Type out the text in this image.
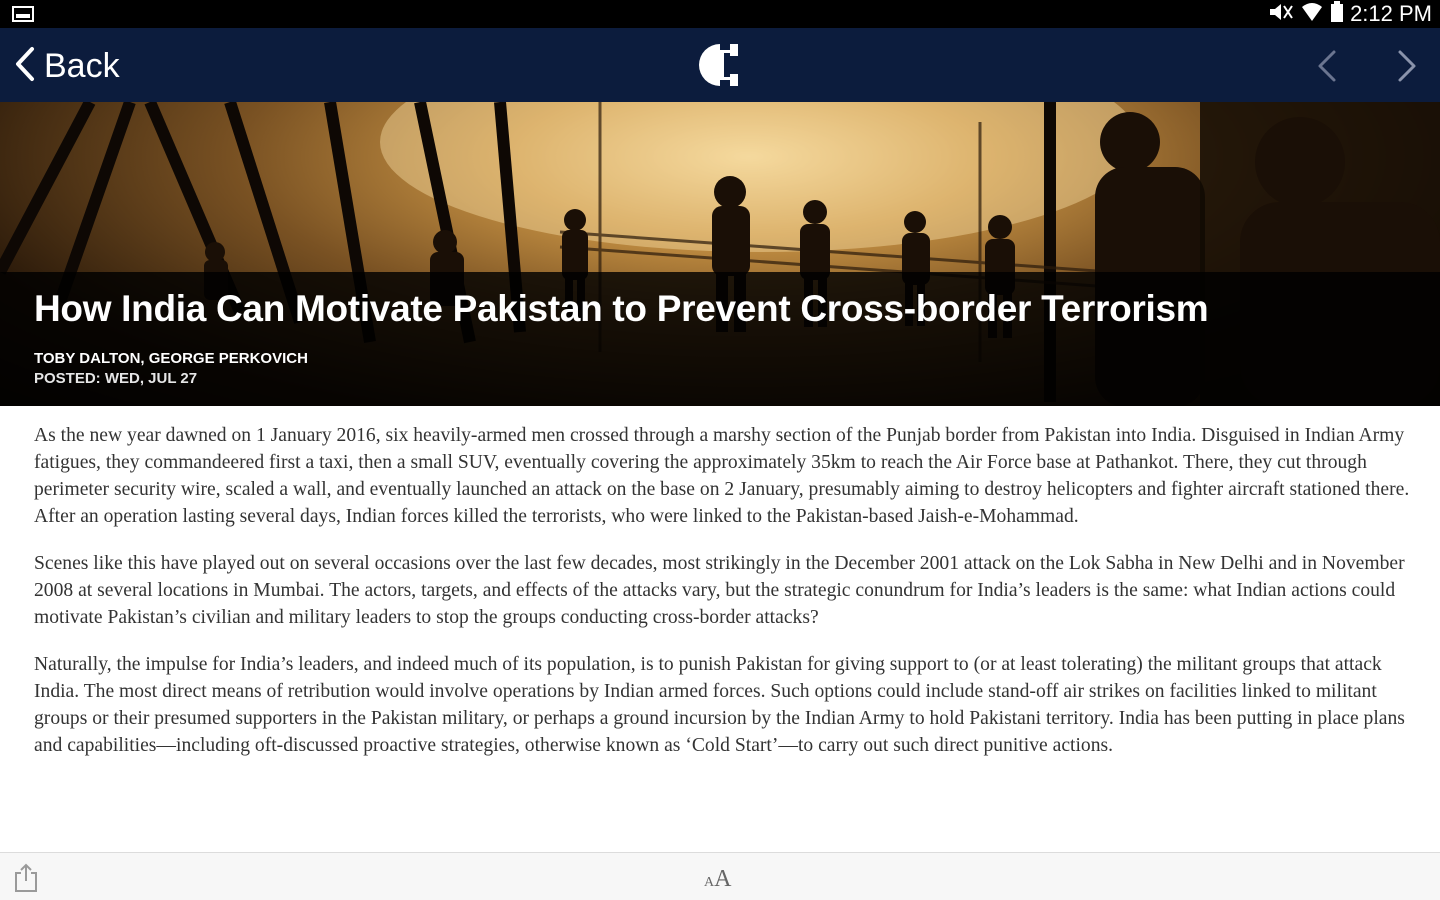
2:12 PM
Back
How India Can Motivate Pakistan to Prevent Cross-border Terrorism
TOBY DALTON, GEORGE PERKOVICH
POSTED: WED, JUL 27

As the new year dawned on 1 January 2016, six heavily-armed men crossed through a marshy section of the Punjab border from Pakistan into India. Disguised in Indian Army fatigues, they commandeered first a taxi, then a small SUV, eventually covering the approximately 35km to reach the Air Force base at Pathankot. There, they cut through perimeter security wire, scaled a wall, and eventually launched an attack on the base on 2 January, presumably aiming to destroy helicopters and fighter aircraft stationed there. After an operation lasting several days, Indian forces killed the terrorists, who were linked to the Pakistan-based Jaish-e-Mohammad.

Scenes like this have played out on several occasions over the last few decades, most strikingly in the December 2001 attack on the Lok Sabha in New Delhi and in November 2008 at several locations in Mumbai. The actors, targets, and effects of the attacks vary, but the strategic conundrum for India’s leaders is the same: what Indian actions could motivate Pakistan’s civilian and military leaders to stop the groups conducting cross-border attacks?

Naturally, the impulse for India’s leaders, and indeed much of its population, is to punish Pakistan for giving support to (or at least tolerating) the militant groups that attack India. The most direct means of retribution would involve operations by Indian armed forces. Such options could include stand-off air strikes on facilities linked to militant groups or their presumed supporters in the Pakistan military, or perhaps a ground incursion by the Indian Army to hold Pakistani territory. India has been putting in place plans and capabilities—including oft-discussed proactive strategies, otherwise known as ‘Cold Start’—to carry out such direct punitive actions.

A A
